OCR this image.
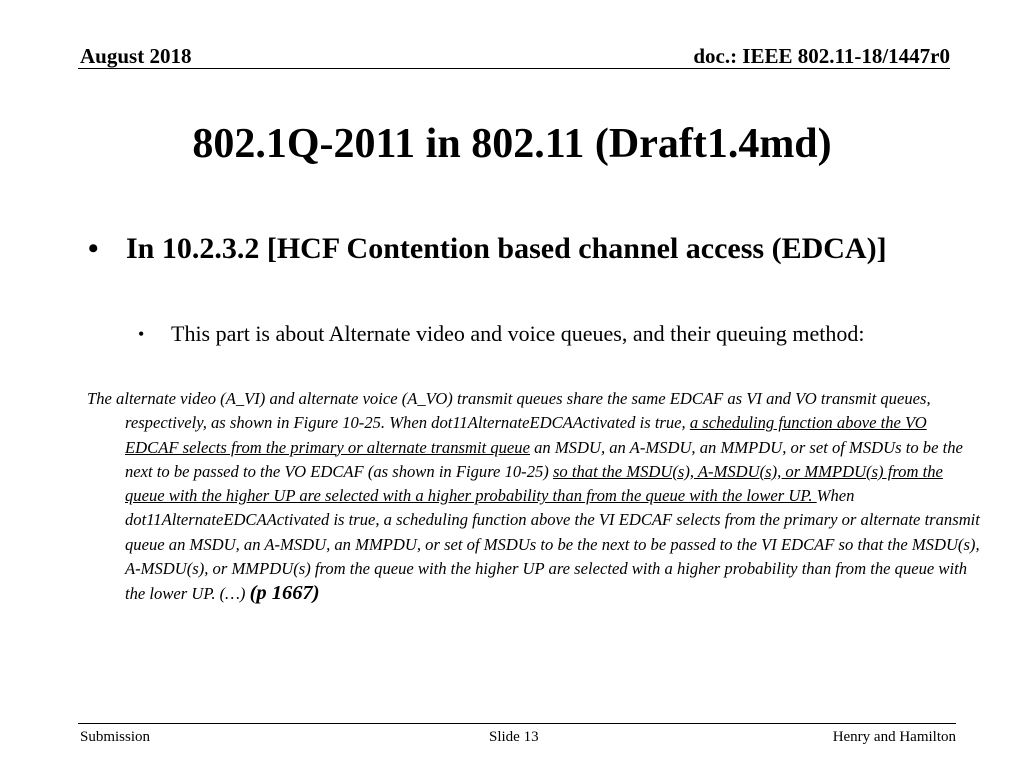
August 2018	doc.: IEEE 802.11-18/1447r0
802.1Q-2011 in 802.11 (Draft1.4md)
• In 10.2.3.2 [HCF Contention based channel access (EDCA)]
• This part is about Alternate video and voice queues, and their queuing method:

The alternate video (A_VI) and alternate voice (A_VO) transmit queues share the same EDCAF as VI and VO transmit queues, respectively, as shown in Figure 10-25. When dot11AlternateEDCAActivated is true, a scheduling function above the VO EDCAF selects from the primary or alternate transmit queue an MSDU, an A-MSDU, an MMPDU, or set of MSDUs to be the next to be passed to the VO EDCAF (as shown in Figure 10-25) so that the MSDU(s), A-MSDU(s), or MMPDU(s) from the queue with the higher UP are selected with a higher probability than from the queue with the lower UP. When dot11AlternateEDCAActivated is true, a scheduling function above the VI EDCAF selects from the primary or alternate transmit queue an MSDU, an A-MSDU, an MMPDU, or set of MSDUs to be the next to be passed to the VI EDCAF so that the MSDU(s), A-MSDU(s), or MMPDU(s) from the queue with the higher UP are selected with a higher probability than from the queue with the lower UP. (…) (p 1667)

Submission	Slide 13	Henry and Hamilton
